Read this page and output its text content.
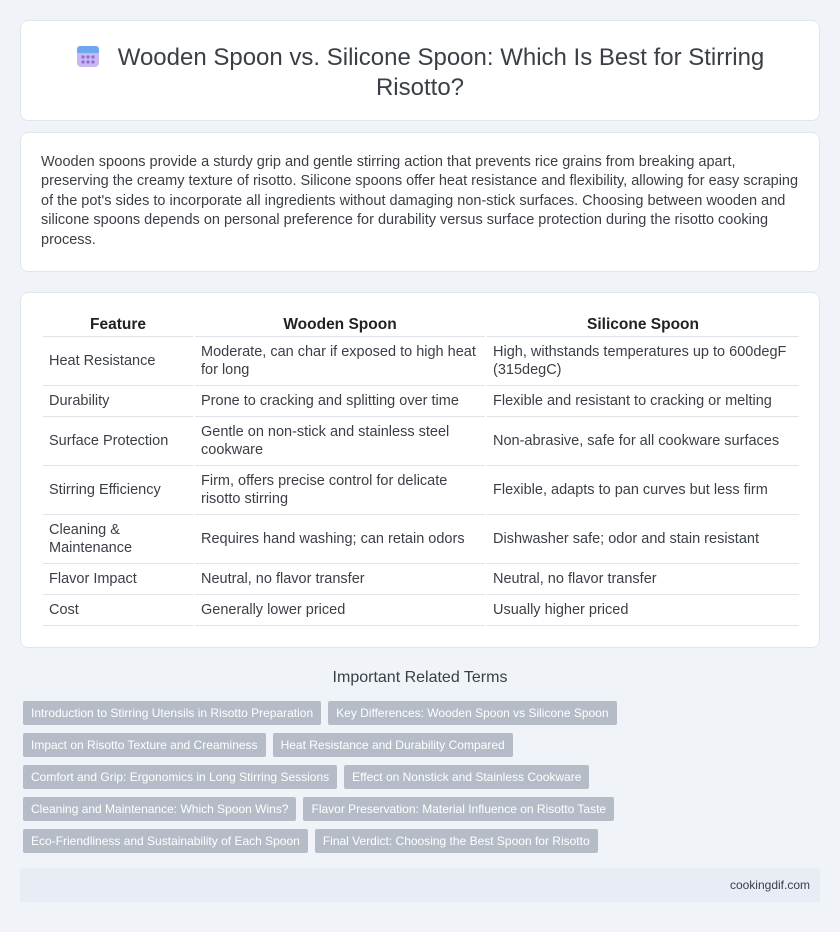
Wooden Spoon vs. Silicone Spoon: Which Is Best for Stirring
Risotto?

Wooden spoons provide a sturdy grip and gentle stirring action that prevents rice grains from breaking apart, preserving the creamy texture of risotto. Silicone spoons offer heat resistance and flexibility, allowing for easy scraping of the pot's sides to incorporate all ingredients without damaging non-stick surfaces. Choosing between wooden and silicone spoons depends on personal preference for durability versus surface protection during the risotto cooking process.

Feature	Wooden Spoon	Silicone Spoon
Heat Resistance	Moderate, can char if exposed to high heat for long	High, withstands temperatures up to 600degF (315degC)
Durability	Prone to cracking and splitting over time	Flexible and resistant to cracking or melting
Surface Protection	Gentle on non-stick and stainless steel cookware	Non-abrasive, safe for all cookware surfaces
Stirring Efficiency	Firm, offers precise control for delicate risotto stirring	Flexible, adapts to pan curves but less firm
Cleaning & Maintenance	Requires hand washing; can retain odors	Dishwasher safe; odor and stain resistant
Flavor Impact	Neutral, no flavor transfer	Neutral, no flavor transfer
Cost	Generally lower priced	Usually higher priced
Important Related Terms
Introduction to Stirring Utensils in Risotto Preparation	Key Differences: Wooden Spoon vs Silicone Spoon
Impact on Risotto Texture and Creaminess	Heat Resistance and Durability Compared
Comfort and Grip: Ergonomics in Long Stirring Sessions	Effect on Nonstick and Stainless Cookware
Cleaning and Maintenance: Which Spoon Wins?	Flavor Preservation: Material Influence on Risotto Taste
Eco-Friendliness and Sustainability of Each Spoon	Final Verdict: Choosing the Best Spoon for Risotto
cookingdif.com
